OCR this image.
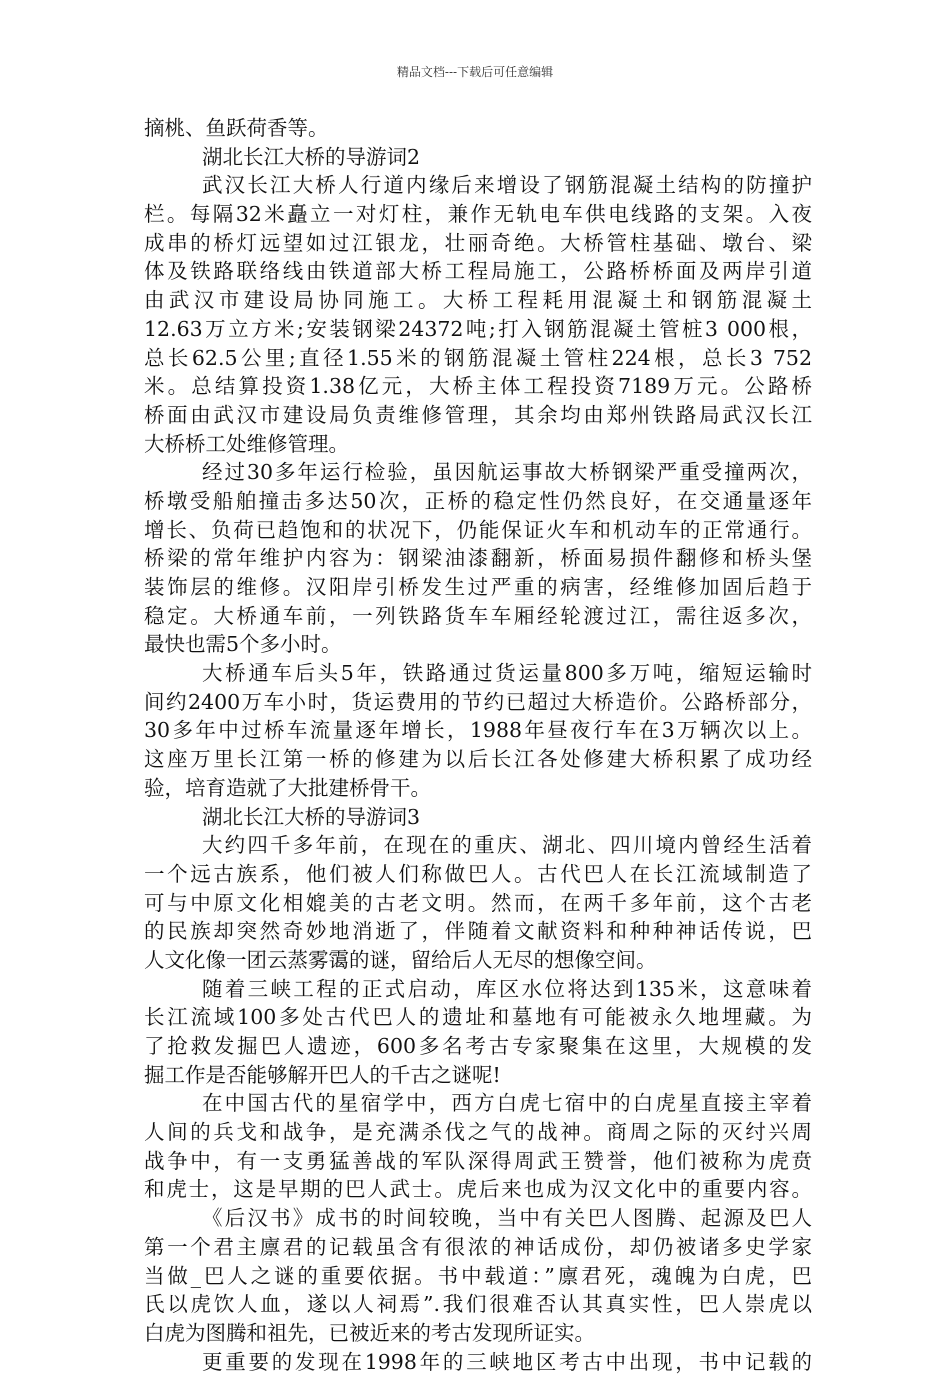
精品文档---下载后可任意编辑
摘桃、鱼跃荷香等。
湖北长江大桥的导游词2
武汉长江大桥人行道内缘后来增设了钢筋混凝土结构的防撞护
栏。每隔32米矗立一对灯柱，兼作无轨电车供电线路的支架。入夜
成串的桥灯远望如过江银龙，壮丽奇绝。大桥管柱基础、墩台、梁
体及铁路联络线由铁道部大桥工程局施工，公路桥桥面及两岸引道
由武汉市建设局协同施工。大桥工程耗用混凝土和钢筋混凝土
12.63万立方米;安装钢梁24372吨;打入钢筋混凝土管桩3 000根，
总长62.5公里;直径1.55米的钢筋混凝土管柱224根，总长3 752
米。总结算投资1.38亿元，大桥主体工程投资7189万元。公路桥
桥面由武汉市建设局负责维修管理，其余均由郑州铁路局武汉长江
大桥桥工处维修管理。
经过30多年运行检验，虽因航运事故大桥钢梁严重受撞两次，
桥墩受船舶撞击多达50次，正桥的稳定性仍然良好，在交通量逐年
增长、负荷已趋饱和的状况下，仍能保证火车和机动车的正常通行。
桥梁的常年维护内容为：钢梁油漆翻新，桥面易损件翻修和桥头堡
装饰层的维修。汉阳岸引桥发生过严重的病害，经维修加固后趋于
稳定。大桥通车前，一列铁路货车车厢经轮渡过江，需往返多次，
最快也需5个多小时。
大桥通车后头5年，铁路通过货运量800多万吨，缩短运输时
间约2400万车小时，货运费用的节约已超过大桥造价。公路桥部分，
30多年中过桥车流量逐年增长，1988年昼夜行车在3万辆次以上。
这座万里长江第一桥的修建为以后长江各处修建大桥积累了成功经
验，培育造就了大批建桥骨干。
湖北长江大桥的导游词3
大约四千多年前，在现在的重庆、湖北、四川境内曾经生活着
一个远古族系，他们被人们称做巴人。古代巴人在长江流域制造了
可与中原文化相媲美的古老文明。然而，在两千多年前，这个古老
的民族却突然奇妙地消逝了，伴随着文献资料和种种神话传说，巴
人文化像一团云蒸雾霭的谜，留给后人无尽的想像空间。
随着三峡工程的正式启动，库区水位将达到135米，这意味着
长江流域100多处古代巴人的遗址和墓地有可能被永久地埋藏。为
了抢救发掘巴人遗迹，600多名考古专家聚集在这里，大规模的发
掘工作是否能够解开巴人的千古之谜呢!
在中国古代的星宿学中，西方白虎七宿中的白虎星直接主宰着
人间的兵戈和战争，是充满杀伐之气的战神。商周之际的灭纣兴周
战争中，有一支勇猛善战的军队深得周武王赞誉，他们被称为虎贲
和虎士，这是早期的巴人武士。虎后来也成为汉文化中的重要内容。
《后汉书》成书的时间较晚，当中有关巴人图腾、起源及巴人
第一个君主廪君的记载虽含有很浓的神话成份，却仍被诸多史学家
当做_巴人之谜的重要依据。书中载道：”廪君死，魂魄为白虎，巴
氏以虎饮人血，遂以人祠焉”.我们很难否认其真实性，巴人崇虎以
白虎为图腾和祖先，已被近来的考古发现所证实。
更重要的发现在1998年的三峡地区考古中出现，书中记载的
